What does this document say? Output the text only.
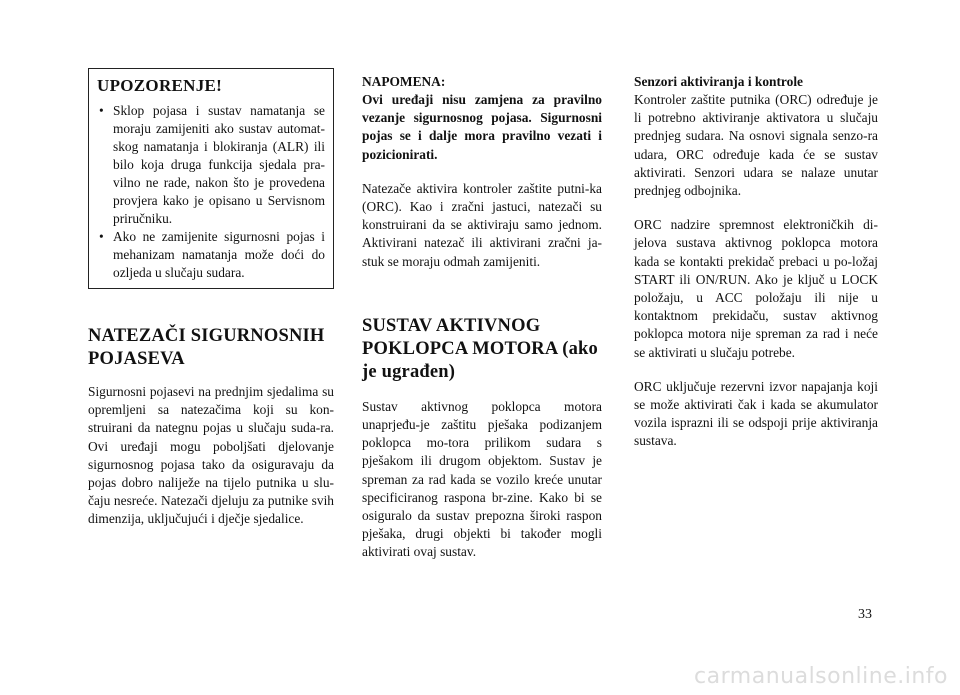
UPOZORENJE!
• Sklop pojasa i sustav namatanja se moraju zamijeniti ako sustav automat-skog namatanja i blokiranja (ALR) ili bilo koja druga funkcija sjedala pra-vilno ne rade, nakon što je provedena provjera kako je opisano u Servisnom priručniku.
• Ako ne zamijenite sigurnosni pojas i mehanizam namatanja može doći do ozljeda u slučaju sudara.
NATEZAČI SIGURNOSNIH POJASEVA

Sigurnosni pojasevi na prednjim sjedalima su opremljeni sa natezačima koji su kon-struirani da nategnu pojas u slučaju suda-ra. Ovi uređaji mogu poboljšati djelovanje sigurnosnog pojasa tako da osiguravaju da pojas dobro naliježe na tijelo putnika u slu-čaju nesreće. Natezači djeluju za putnike svih dimenzija, uključujući i dječje sjedalice.

NAPOMENA:

Ovi uređaji nisu zamjena za pravilno vezanje sigurnosnog pojasa. Sigurnosni pojas se i dalje mora pravilno vezati i pozicionirati.

Natezače aktivira kontroler zaštite putni-ka (ORC). Kao i zračni jastuci, natezači su konstruirani da se aktiviraju samo jednom. Aktivirani natezač ili aktivirani zračni ja-stuk se moraju odmah zamijeniti.

SUSTAV AKTIVNOG POKLOPCA MOTORA (ako je ugrađen)

Sustav aktivnog poklopca motora unaprjeđu-je zaštitu pješaka podizanjem poklopca mo-tora prilikom sudara s pješakom ili drugom objektom. Sustav je spreman za rad kada se vozilo kreće unutar specificiranog raspona br-zine. Kako bi se osiguralo da sustav prepozna široki raspon pješaka, drugi objekti bi također mogli aktivirati ovaj sustav.

Senzori aktiviranja i kontrole

Kontroler zaštite putnika (ORC) određuje je li potrebno aktiviranje aktivatora u slučaju prednjeg sudara. Na osnovi signala senzo-ra udara, ORC određuje kada će se sustav aktivirati. Senzori udara se nalaze unutar prednjeg odbojnika.

ORC nadzire spremnost elektroničkih di-jelova sustava aktivnog poklopca motora kada se kontakti prekidač prebaci u po-ložaj START ili ON/RUN. Ako je ključ u LOCK položaju, u ACC položaju ili nije u kontaktnom prekidaču, sustav aktivnog poklopca motora nije spreman za rad i neće se aktivirati u slučaju potrebe.

ORC uključuje rezervni izvor napajanja koji se može aktivirati čak i kada se akumulator vozila isprazni ili se odspoji prije aktiviranja sustava.

33
carmanualsonline.info
